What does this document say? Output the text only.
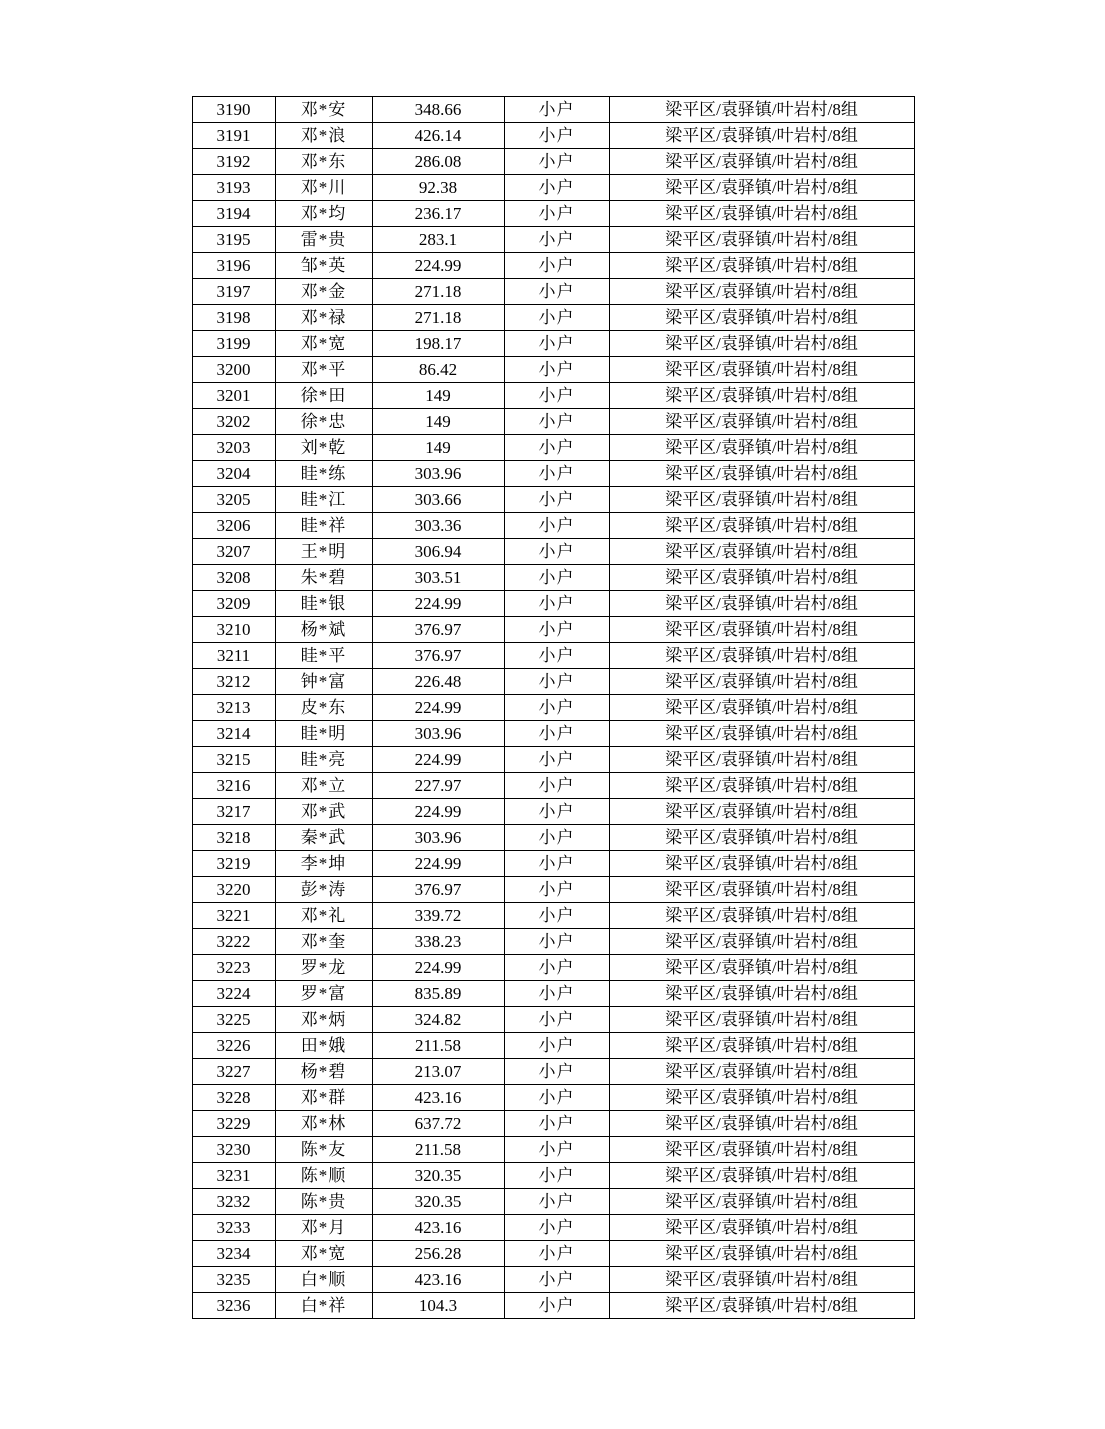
3190	邓*安	348.66	小户	梁平区/袁驿镇/叶岩村/8组
3191	邓*浪	426.14	小户	梁平区/袁驿镇/叶岩村/8组
3192	邓*东	286.08	小户	梁平区/袁驿镇/叶岩村/8组
3193	邓*川	92.38	小户	梁平区/袁驿镇/叶岩村/8组
3194	邓*均	236.17	小户	梁平区/袁驿镇/叶岩村/8组
3195	雷*贵	283.1	小户	梁平区/袁驿镇/叶岩村/8组
3196	邹*英	224.99	小户	梁平区/袁驿镇/叶岩村/8组
3197	邓*金	271.18	小户	梁平区/袁驿镇/叶岩村/8组
3198	邓*禄	271.18	小户	梁平区/袁驿镇/叶岩村/8组
3199	邓*宽	198.17	小户	梁平区/袁驿镇/叶岩村/8组
3200	邓*平	86.42	小户	梁平区/袁驿镇/叶岩村/8组
3201	徐*田	149	小户	梁平区/袁驿镇/叶岩村/8组
3202	徐*忠	149	小户	梁平区/袁驿镇/叶岩村/8组
3203	刘*乾	149	小户	梁平区/袁驿镇/叶岩村/8组
3204	眭*练	303.96	小户	梁平区/袁驿镇/叶岩村/8组
3205	眭*江	303.66	小户	梁平区/袁驿镇/叶岩村/8组
3206	眭*祥	303.36	小户	梁平区/袁驿镇/叶岩村/8组
3207	王*明	306.94	小户	梁平区/袁驿镇/叶岩村/8组
3208	朱*碧	303.51	小户	梁平区/袁驿镇/叶岩村/8组
3209	眭*银	224.99	小户	梁平区/袁驿镇/叶岩村/8组
3210	杨*斌	376.97	小户	梁平区/袁驿镇/叶岩村/8组
3211	眭*平	376.97	小户	梁平区/袁驿镇/叶岩村/8组
3212	钟*富	226.48	小户	梁平区/袁驿镇/叶岩村/8组
3213	皮*东	224.99	小户	梁平区/袁驿镇/叶岩村/8组
3214	眭*明	303.96	小户	梁平区/袁驿镇/叶岩村/8组
3215	眭*亮	224.99	小户	梁平区/袁驿镇/叶岩村/8组
3216	邓*立	227.97	小户	梁平区/袁驿镇/叶岩村/8组
3217	邓*武	224.99	小户	梁平区/袁驿镇/叶岩村/8组
3218	秦*武	303.96	小户	梁平区/袁驿镇/叶岩村/8组
3219	李*坤	224.99	小户	梁平区/袁驿镇/叶岩村/8组
3220	彭*涛	376.97	小户	梁平区/袁驿镇/叶岩村/8组
3221	邓*礼	339.72	小户	梁平区/袁驿镇/叶岩村/8组
3222	邓*奎	338.23	小户	梁平区/袁驿镇/叶岩村/8组
3223	罗*龙	224.99	小户	梁平区/袁驿镇/叶岩村/8组
3224	罗*富	835.89	小户	梁平区/袁驿镇/叶岩村/8组
3225	邓*炳	324.82	小户	梁平区/袁驿镇/叶岩村/8组
3226	田*娥	211.58	小户	梁平区/袁驿镇/叶岩村/8组
3227	杨*碧	213.07	小户	梁平区/袁驿镇/叶岩村/8组
3228	邓*群	423.16	小户	梁平区/袁驿镇/叶岩村/8组
3229	邓*林	637.72	小户	梁平区/袁驿镇/叶岩村/8组
3230	陈*友	211.58	小户	梁平区/袁驿镇/叶岩村/8组
3231	陈*顺	320.35	小户	梁平区/袁驿镇/叶岩村/8组
3232	陈*贵	320.35	小户	梁平区/袁驿镇/叶岩村/8组
3233	邓*月	423.16	小户	梁平区/袁驿镇/叶岩村/8组
3234	邓*宽	256.28	小户	梁平区/袁驿镇/叶岩村/8组
3235	白*顺	423.16	小户	梁平区/袁驿镇/叶岩村/8组
3236	白*祥	104.3	小户	梁平区/袁驿镇/叶岩村/8组
